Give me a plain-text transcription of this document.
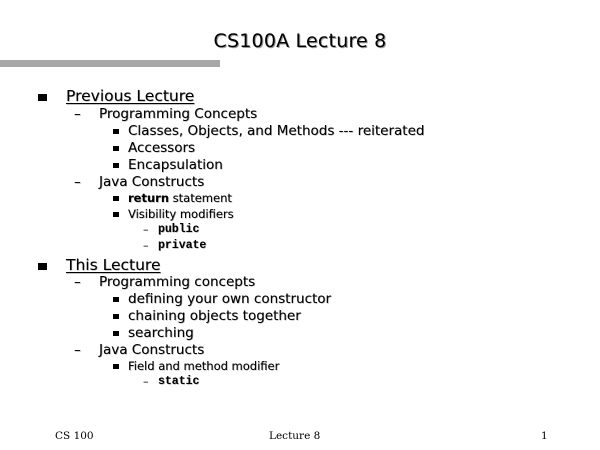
CS100A Lecture 8
Previous Lecture
– Programming Concepts
Classes, Objects, and Methods --- reiterated
Accessors
Encapsulation
– Java Constructs
return statement
Visibility modifiers
– public
– private
This Lecture
– Programming concepts
defining your own constructor
chaining objects together
searching
– Java Constructs
Field and method modifier
– static
CS 100	Lecture 8	1
